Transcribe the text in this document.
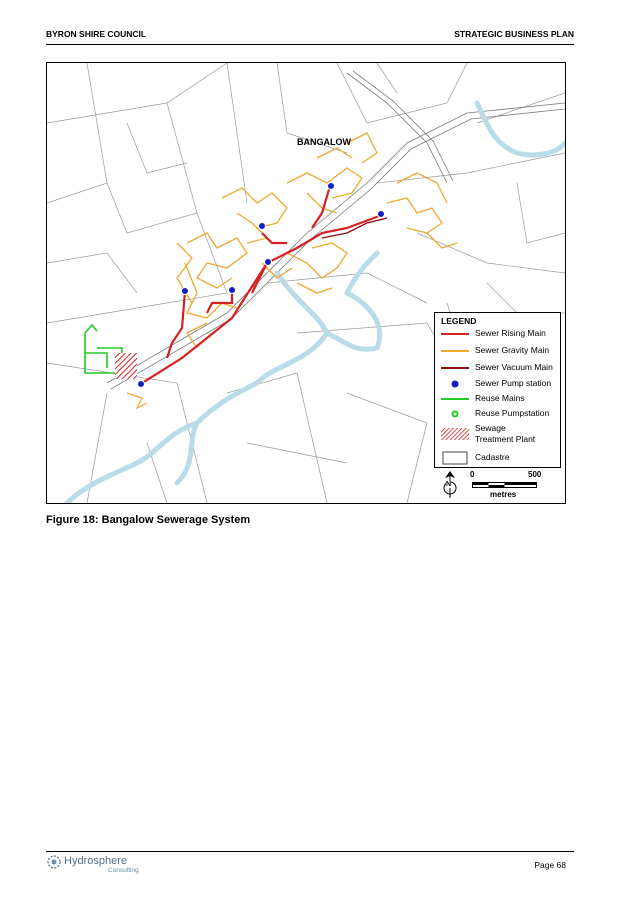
BYRON SHIRE COUNCIL	STRATEGIC BUSINESS PLAN
BANGALOW
LEGEND
Sewer Rising Main
Sewer Gravity Main
Sewer Vacuum Main
Sewer Pump station
Reuse Mains
Reuse Pumpstation
Sewage
Treatment Plant
Cadastre
N
0	500
metres
Figure 18: Bangalow Sewerage System
Hydrosphere
Consulting
Page 68
